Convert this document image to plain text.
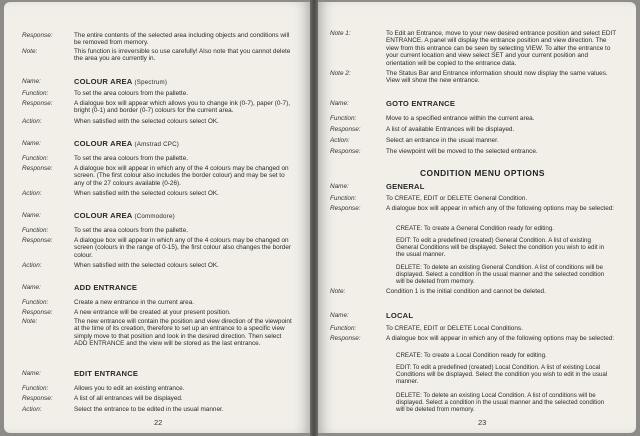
22
Response:	The entire contents of the selected area including objects and conditions will be removed from memory.
Note:	This function is irreversible so use carefully! Also note that you cannot delete the area you are currently in.
Name:	COLOUR AREA (Spectrum)
Function:	To set the area colours from the pallette.
Response:	A dialogue box will appear which allows you to change ink (0-7), paper (0-7), bright (0-1) and border (0-7) colours for the current area.
Action:	When satisfied with the selected colours select OK.
Name:	COLOUR AREA (Amstrad CPC)
Function:	To set the area colours from the pallette.
Response:	A dialogue box will appear in which any of the 4 colours may be changed on screen. (The first colour also includes the border colour) and may be set to any of the 27 colours available (0-26).
Action:	When satisfied with the selected colours select OK.
Name:	COLOUR AREA (Commodore)
Function:	To set the area colours from the pallette.
Response:	A dialogue box will appear in which any of the 4 colours may be changed on screen (colours in the range of 0-15), the first colour also changes the border colour.
Action:	When satisfied with the selected colours select OK.
Name:	ADD ENTRANCE
Function:	Create a new entrance in the current area.
Response:	A new entrance will be created at your present position.
Note:	The new entrance will contain the position and view direction of the viewpoint at the time of its creation, therefore to set up an entrance to a specific view simply move to that position and look in the desired direction. Then select ADD ENTRANCE and the view will be stored as the last entrance.
Name:	EDIT ENTRANCE
Function:	Allows you to edit an existing entrance.
Response:	A list of all entrances will be displayed.
Action:	Select the entrance to be edited in the usual manner.
CONDITION MENU OPTIONS
23
Note 1:	To Edit an Entrance, move to your new desired entrance position and select EDIT ENTRANCE. A panel will display the entrance position and view direction. The view from this entrance can be seen by selecting VIEW. To alter the entrance to your current location and view select SET and your current position and orientation will be copied to the entrance data.
Note 2:	The Status Bar and Entrance information should now display the same values. View will show the new entrance.
Name:	GOTO ENTRANCE
Function:	Move to a specified entrance within the current area.
Response:	A list of available Entrances will be displayed.
Action:	Select an entrance in the usual manner.
Response:	The viewpoint will be moved to the selected entrance.
Name:	GENERAL
Function:	To CREATE, EDIT or DELETE General Condition.
Response:	A dialogue box will appear in which any of the following options may be selected:
CREATE: To create a General Condition ready for editing.
EDIT: To edit a predefined (created) General Condition. A list of existing General Conditions will be displayed. Select the condition you wish to edit in the usual manner.
DELETE: To delete an existing General Condition. A list of conditions will be displayed. Select a condition in the usual manner and the selected condition will be deleted from memory.
Note:	Condition 1 is the initial condition and cannot be deleted.
Name:	LOCAL
Function:	To CREATE, EDIT or DELETE Local Conditions.
Response:	A dialogue box will appear in which any of the following options may be selected:
CREATE: To create a Local Condition ready for editing.
EDIT: To edit a predefined (created) Local Condition. A list of existing Local Conditions will be displayed. Select the condition you wish to edit in the usual manner.
DELETE: To delete an existing Local Condition. A list of conditions will be displayed. Select a condition in the usual manner and the selected condition will be deleted from memory.
